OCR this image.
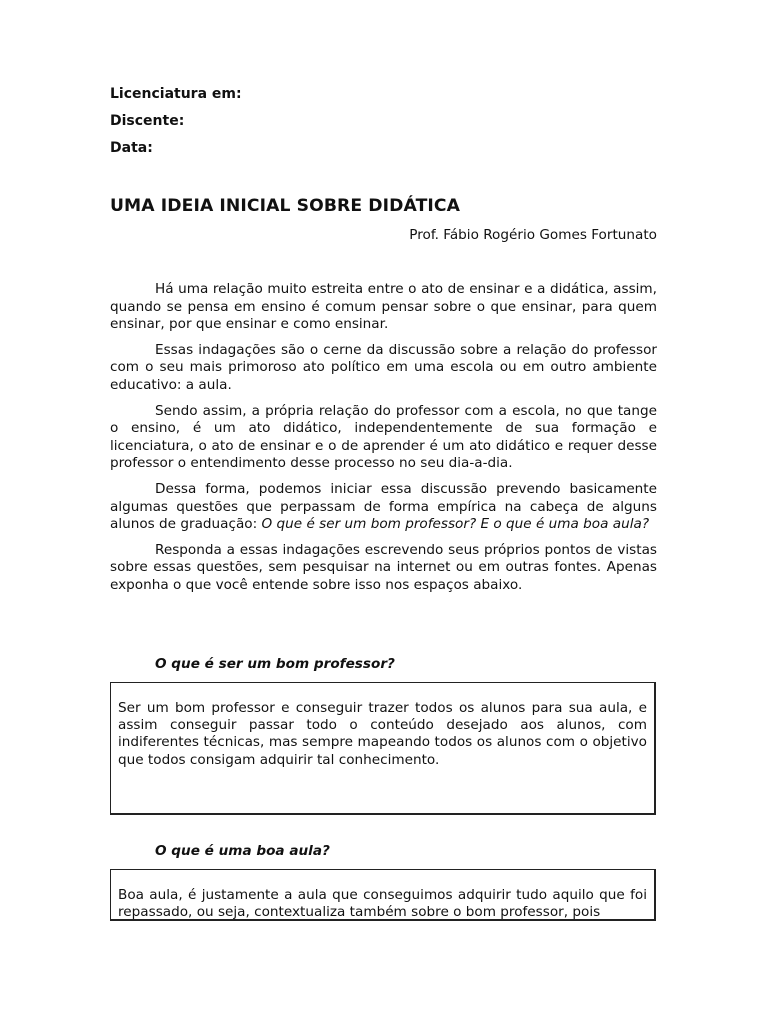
Licenciatura em:
Discente:
Data:
UMA IDEIA INICIAL SOBRE DIDÁTICA
Prof. Fábio Rogério Gomes Fortunato

Há uma relação muito estreita entre o ato de ensinar e a didática, assim, quando se pensa em ensino é comum pensar sobre o que ensinar, para quem ensinar, por que ensinar e como ensinar.

Essas indagações são o cerne da discussão sobre a relação do professor com o seu mais primoroso ato político em uma escola ou em outro ambiente educativo: a aula.

Sendo assim, a própria relação do professor com a escola, no que tange o ensino, é um ato didático, independentemente de sua formação e licenciatura, o ato de ensinar e o de aprender é um ato didático e requer desse professor o entendimento desse processo no seu dia-a-dia.

Dessa forma, podemos iniciar essa discussão prevendo basicamente algumas questões que perpassam de forma empírica na cabeça de alguns alunos de graduação: O que é ser um bom professor? E o que é uma boa aula?

Responda a essas indagações escrevendo seus próprios pontos de vistas sobre essas questões, sem pesquisar na internet ou em outras fontes. Apenas exponha o que você entende sobre isso nos espaços abaixo.

O que é ser um bom professor?
Ser um bom professor e conseguir trazer todos os alunos para sua aula, e assim conseguir passar todo o conteúdo desejado aos alunos, com indiferentes técnicas, mas sempre mapeando todos os alunos com o objetivo que todos consigam adquirir tal conhecimento.
O que é uma boa aula?
Boa aula, é justamente a aula que conseguimos adquirir tudo aquilo que foi repassado, ou seja, contextualiza também sobre o bom professor, pois
